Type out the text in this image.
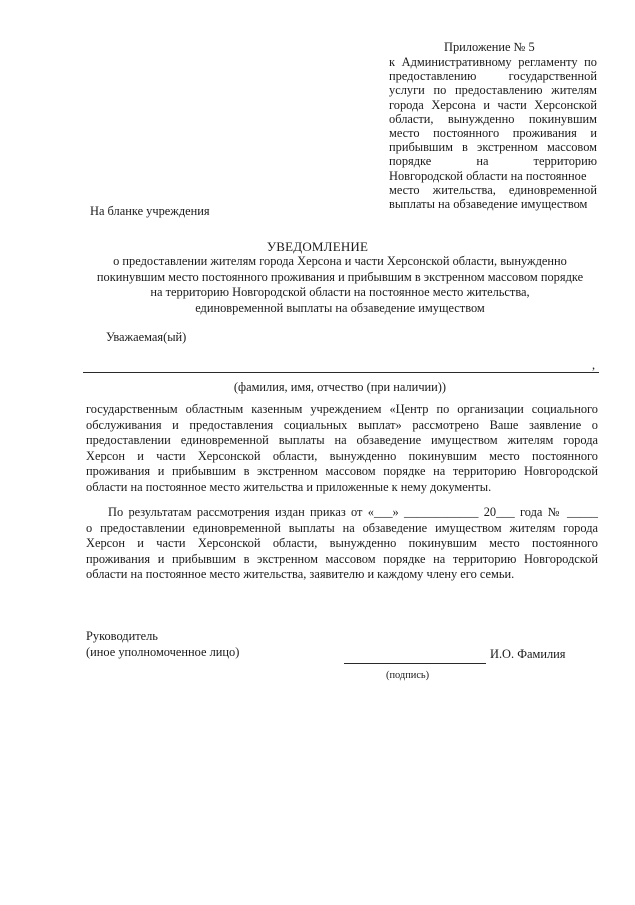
Приложение № 5
к Административному регламенту по
предоставлению государственной
услуги по предоставлению жителям
города Херсона и части Херсонской
области, вынужденно покинувшим
место постоянного проживания и
прибывшим в экстренном массовом
порядке на территорию
Новгородской области на постоянное
место жительства, единовременной
выплаты на обзаведение имуществом
На бланке учреждения
УВЕДОМЛЕНИЕ
о предоставлении жителям города Херсона и части Херсонской области, вынужденно
покинувшим место постоянного проживания и прибывшим в экстренном массовом порядке
на территорию Новгородской области на постоянное место жительства,
единовременной выплаты на обзаведение имуществом
Уважаемая(ый)
,
(фамилия, имя, отчество (при наличии))
государственным областным казенным учреждением «Центр по организации социального
обслуживания и предоставления социальных выплат» рассмотрено Ваше заявление о
предоставлении единовременной выплаты на обзаведение имуществом жителям города
Херсон и части Херсонской области, вынужденно покинувшим место постоянного
проживания и прибывшим в экстренном массовом порядке на территорию Новгородской
области на постоянное место жительства и приложенные к нему документы.
По результатам рассмотрения издан приказ от «___» ____________ 20___ года № _____
о предоставлении единовременной выплаты на обзаведение имуществом жителям города
Херсон и части Херсонской области, вынужденно покинувшим место постоянного
проживания и прибывшим в экстренном массовом порядке на территорию Новгородской
области на постоянное место жительства, заявителю и каждому члену его семьи.
Руководитель
(иное уполномоченное лицо)
(подпись)
И.О. Фамилия
